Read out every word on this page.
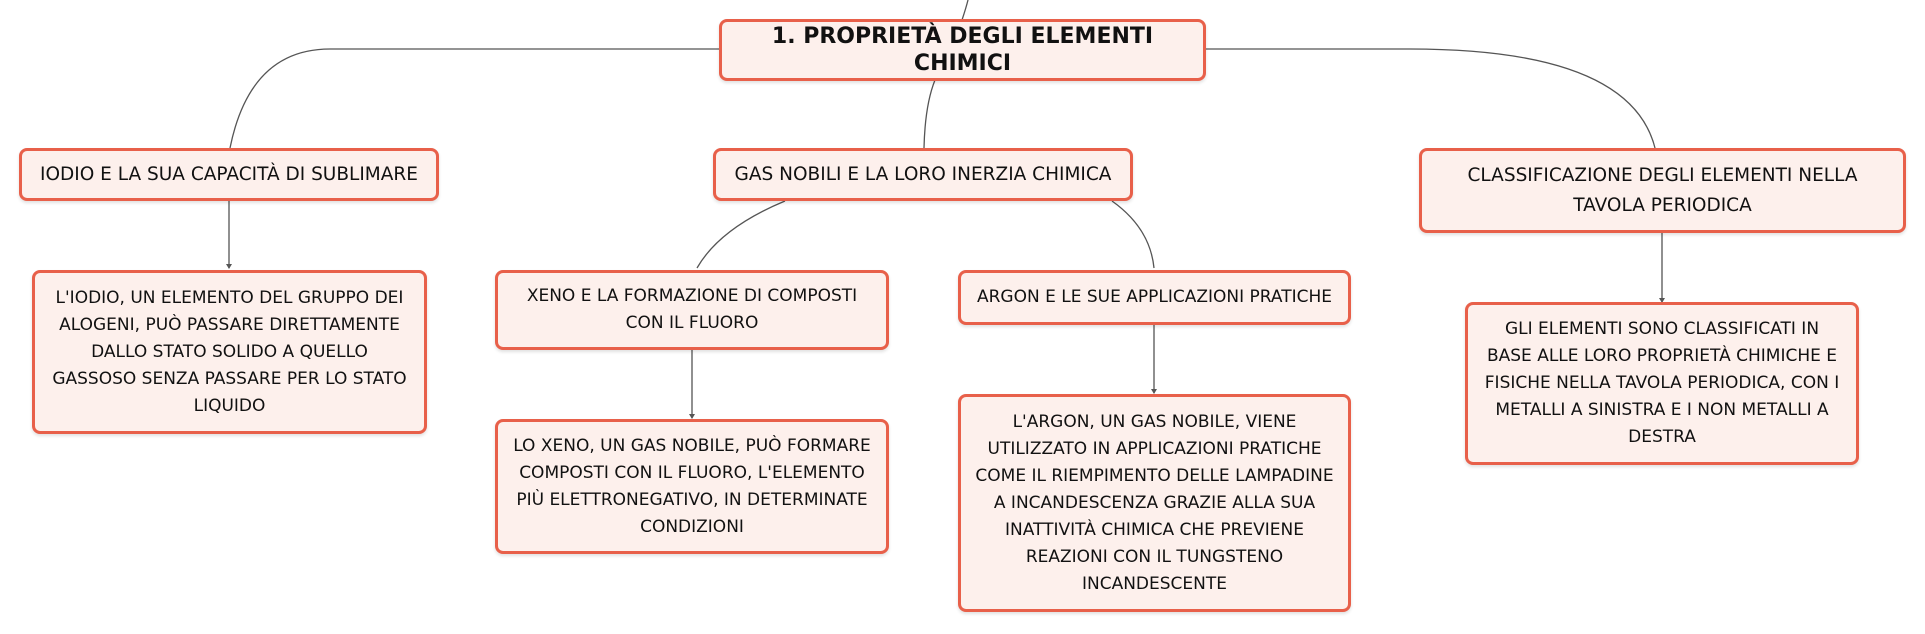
1. PROPRIETÀ DEGLI ELEMENTI CHIMICI
IODIO E LA SUA CAPACITÀ DI SUBLIMARE	GAS NOBILI E LA LORO INERZIA CHIMICA	CLASSIFICAZIONE DEGLI ELEMENTI NELLA TAVOLA PERIODICA
L'IODIO, UN ELEMENTO DEL GRUPPO DEI ALOGENI, PUÒ PASSARE DIRETTAMENTE DALLO STATO SOLIDO A QUELLO GASSOSO SENZA PASSARE PER LO STATO LIQUIDO
XENO E LA FORMAZIONE DI COMPOSTI CON IL FLUORO
ARGON E LE SUE APPLICAZIONI PRATICHE
LO XENO, UN GAS NOBILE, PUÒ FORMARE COMPOSTI CON IL FLUORO, L'ELEMENTO PIÙ ELETTRONEGATIVO, IN DETERMINATE CONDIZIONI
L'ARGON, UN GAS NOBILE, VIENE UTILIZZATO IN APPLICAZIONI PRATICHE COME IL RIEMPIMENTO DELLE LAMPADINE A INCANDESCENZA GRAZIE ALLA SUA INATTIVITÀ CHIMICA CHE PREVIENE REAZIONI CON IL TUNGSTENO INCANDESCENTE
GLI ELEMENTI SONO CLASSIFICATI IN BASE ALLE LORO PROPRIETÀ CHIMICHE E FISICHE NELLA TAVOLA PERIODICA, CON I METALLI A SINISTRA E I NON METALLI A DESTRA
